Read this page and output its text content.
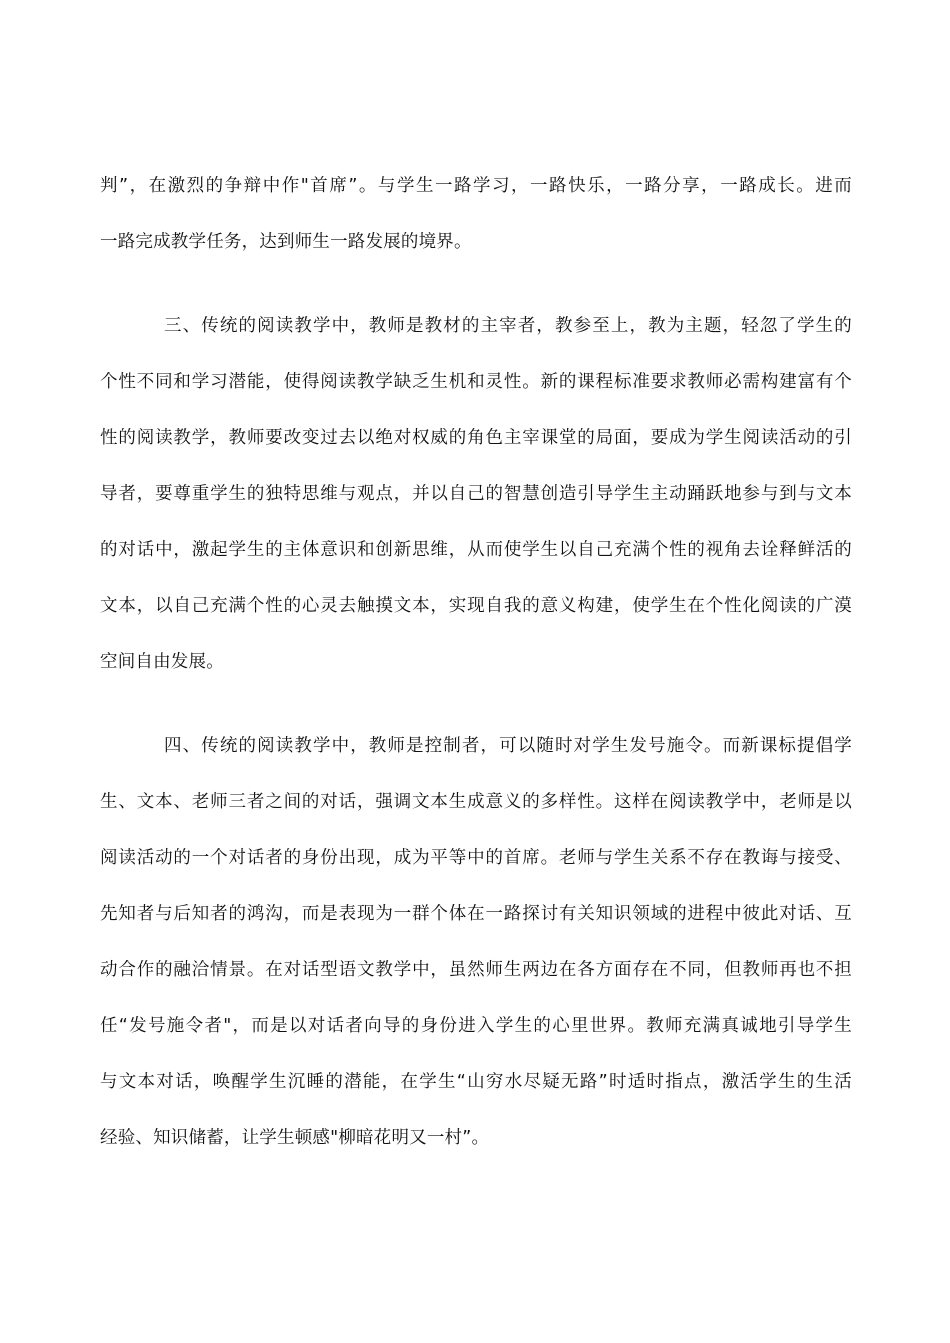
判”，在激烈的争辩中作"首席”。与学生一路学习，一路快乐，一路分享，一路成长。进而
一路完成教学任务，达到师生一路发展的境界。
三、传统的阅读教学中，教师是教材的主宰者，教参至上，教为主题，轻忽了学生的
个性不同和学习潜能，使得阅读教学缺乏生机和灵性。新的课程标准要求教师必需构建富有个
性的阅读教学，教师要改变过去以绝对权威的角色主宰课堂的局面，要成为学生阅读活动的引
导者，要尊重学生的独特思维与观点，并以自己的智慧创造引导学生主动踊跃地参与到与文本
的对话中，激起学生的主体意识和创新思维，从而使学生以自己充满个性的视角去诠释鲜活的
文本，以自己充满个性的心灵去触摸文本，实现自我的意义构建，使学生在个性化阅读的广漠
空间自由发展。
四、传统的阅读教学中，教师是控制者，可以随时对学生发号施令。而新课标提倡学
生、文本、老师三者之间的对话，强调文本生成意义的多样性。这样在阅读教学中，老师是以
阅读活动的一个对话者的身份出现，成为平等中的首席。老师与学生关系不存在教诲与接受、
先知者与后知者的鸿沟，而是表现为一群个体在一路探讨有关知识领域的进程中彼此对话、互
动合作的融洽情景。在对话型语文教学中，虽然师生两边在各方面存在不同，但教师再也不担
任“发号施令者"，而是以对话者向导的身份进入学生的心里世界。教师充满真诚地引导学生
与文本对话，唤醒学生沉睡的潜能，在学生“山穷水尽疑无路”时适时指点，激活学生的生活
经验、知识储蓄，让学生顿感"柳暗花明又一村”。
